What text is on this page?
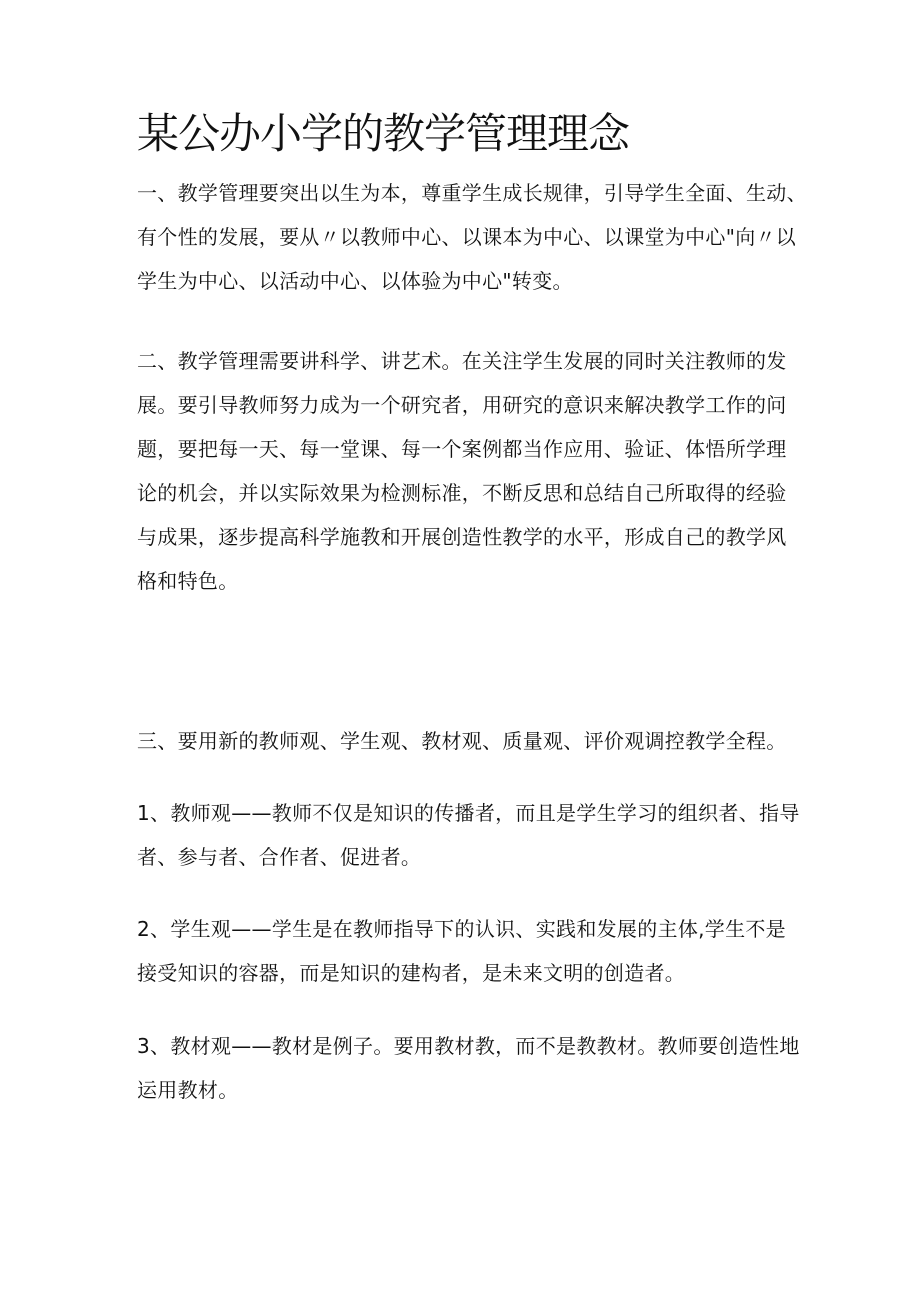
某公办小学的教学管理理念
一、教学管理要突出以生为本，尊重学生成长规律，引导学生全面、生动、
有个性的发展，要从〃以教师中心、以课本为中心、以课堂为中心"向〃以
学生为中心、以活动中心、以体验为中心"转变。
二、教学管理需要讲科学、讲艺术。在关注学生发展的同时关注教师的发
展。要引导教师努力成为一个研究者，用研究的意识来解决教学工作的问
题，要把每一天、每一堂课、每一个案例都当作应用、验证、体悟所学理
论的机会，并以实际效果为检测标准，不断反思和总结自己所取得的经验
与成果，逐步提高科学施教和开展创造性教学的水平，形成自己的教学风
格和特色。
三、要用新的教师观、学生观、教材观、质量观、评价观调控教学全程。
1、教师观——教师不仅是知识的传播者，而且是学生学习的组织者、指导
者、参与者、合作者、促进者。
2、学生观——学生是在教师指导下的认识、实践和发展的主体,学生不是
接受知识的容器，而是知识的建构者，是未来文明的创造者。
3、教材观——教材是例子。要用教材教，而不是教教材。教师要创造性地
运用教材。
